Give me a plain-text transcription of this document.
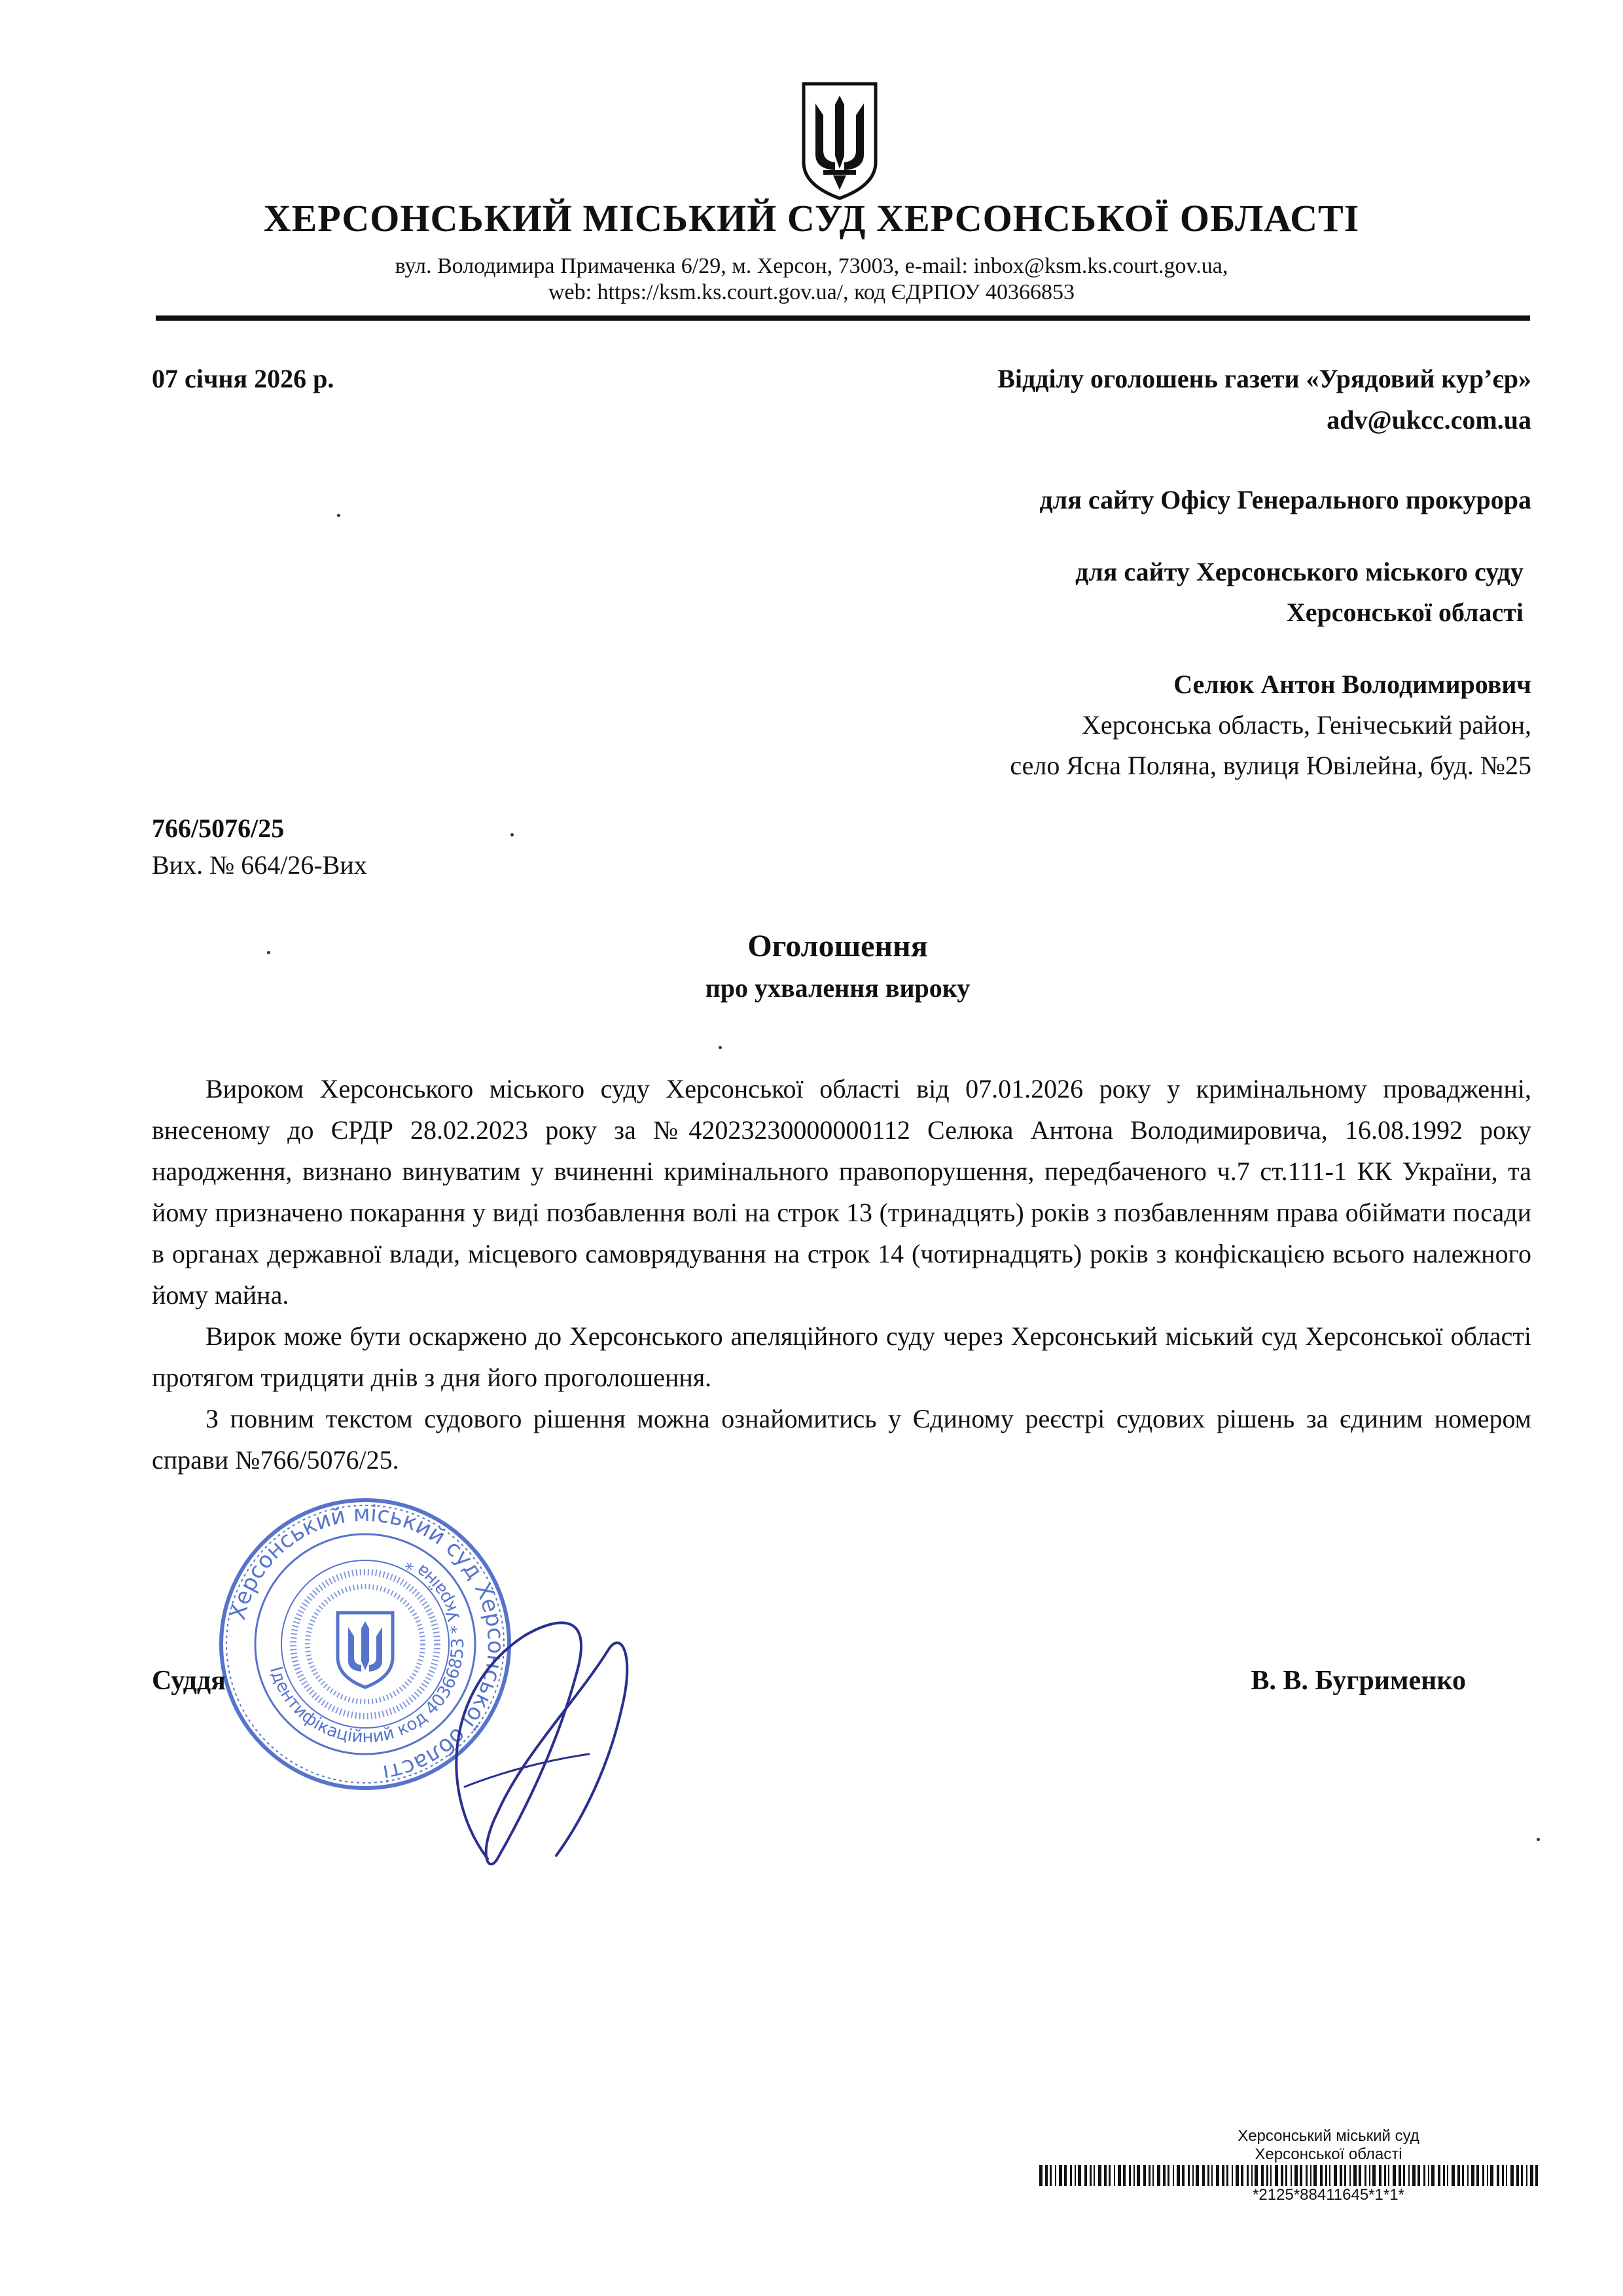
ХЕРСОНСЬКИЙ МІСЬКИЙ СУД ХЕРСОНСЬКОЇ ОБЛАСТІ
вул. Володимира Примаченка 6/29, м. Херсон, 73003, e-mail: inbox@ksm.ks.court.gov.ua,
web: https://ksm.ks.court.gov.ua/, код ЄДРПОУ 40366853
07 січня 2026 р.	Відділу оголошень газети «Урядовий кур’єр»
adv@ukcc.com.ua
для сайту Офісу Генерального прокурора
для сайту Херсонського міського суду
Херсонської області
Селюк Антон Володимирович
Херсонська область, Генічеський район,
село Ясна Поляна, вулиця Ювілейна, буд. №25
766/5076/25
Вих. № 664/26-Вих
Оголошення
про ухвалення вироку

Вироком Херсонського міського суду Херсонської області від 07.01.2026 року у кримінальному провадженні, внесеному до ЄРДР 28.02.2023 року за №42023230000000112 Селюка Антона Володимировича, 16.08.1992 року народження, визнано винуватим у вчиненні кримінального правопорушення, передбаченого ч.7 ст.111-1 КК України, та йому призначено покарання у виді позбавлення волі на строк 13 (тринадцять) років з позбавленням права обіймати посади в органах державної влади, місцевого самоврядування на строк 14 (чотирнадцять) років з конфіскацією всього належного йому майна.

Вирок може бути оскаржено до Херсонського апеляційного суду через Херсонський міський суд Херсонської області протягом тридцяти днів з дня його проголошення.

З повним текстом судового рішення можна ознайомитись у Єдиному реєстрі судових рішень за єдиним номером справи №766/5076/25.

Херсонський міський суд Херсонської області
Ідентифікаційний код 40366853 * Україна *
Суддя	В. В. Бугрименко
Херсонський міський суд
Херсонської області
*2125*88411645*1*1*
